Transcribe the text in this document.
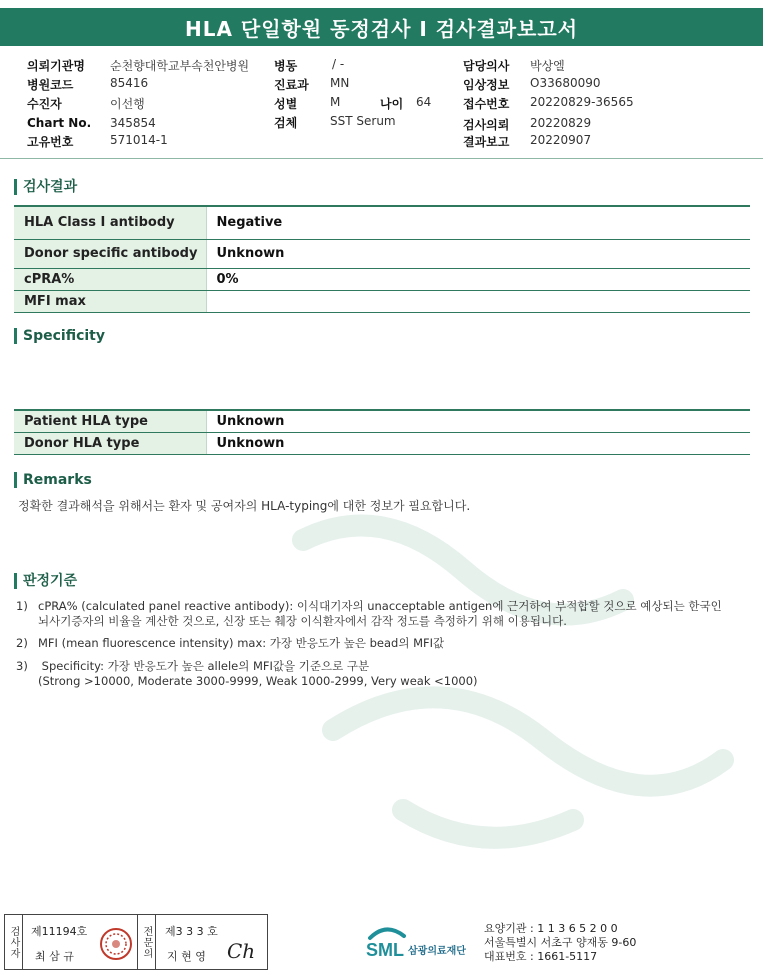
HLA 단일항원 동정검사 I 검사결과보고서
의뢰기관명 순천향대학교부속천안병원
병원코드	85416
수진자	이선행
Chart No. 345854
고유번호	571014-1
병동	/ -
진료과 MN
성별	M	나이 64
검체	SST Serum
담당의사 박상엘
임상정보 O33680090
접수번호 20220829-36565
검사의뢰 20220829
결과보고 20220907
검사결과
HLA Class I antibody	Negative
Donor specific antibody	Unknown
cPRA%	0%
MFI max	
Specificity
Patient HLA type	Unknown
Donor HLA type	Unknown
Remarks
정확한 결과해석을 위해서는 환자 및 공여자의 HLA-typing에 대한 정보가 필요합니다.
판정기준
1) cPRA% (calculated panel reactive antibody): 이식대기자의 unacceptable antigen에 근거하여 부적합할 것으로 예상되는 한국인
뇌사기증자의 비율을 계산한 것으로, 신장 또는 췌장 이식환자에서 감작 정도를 측정하기 위해 이용됩니다.
2) MFI (mean fluorescence intensity) max: 가장 반응도가 높은 bead의 MFI값
3) Specificity: 가장 반응도가 높은 allele의 MFI값을 기준으로 구분
(Strong >10000, Moderate 3000-9999, Weak 1000-2999, Very weak <1000)
검사자	제11194호
최 삼 규	전문의	제3 3 3 호
지 현 영 Ch	SML 삼광의료재단
요양기관 : 1 1 3 6 5 2 0 0
서울특별시 서초구 양재동 9-60
대표번호 : 1661-5117
